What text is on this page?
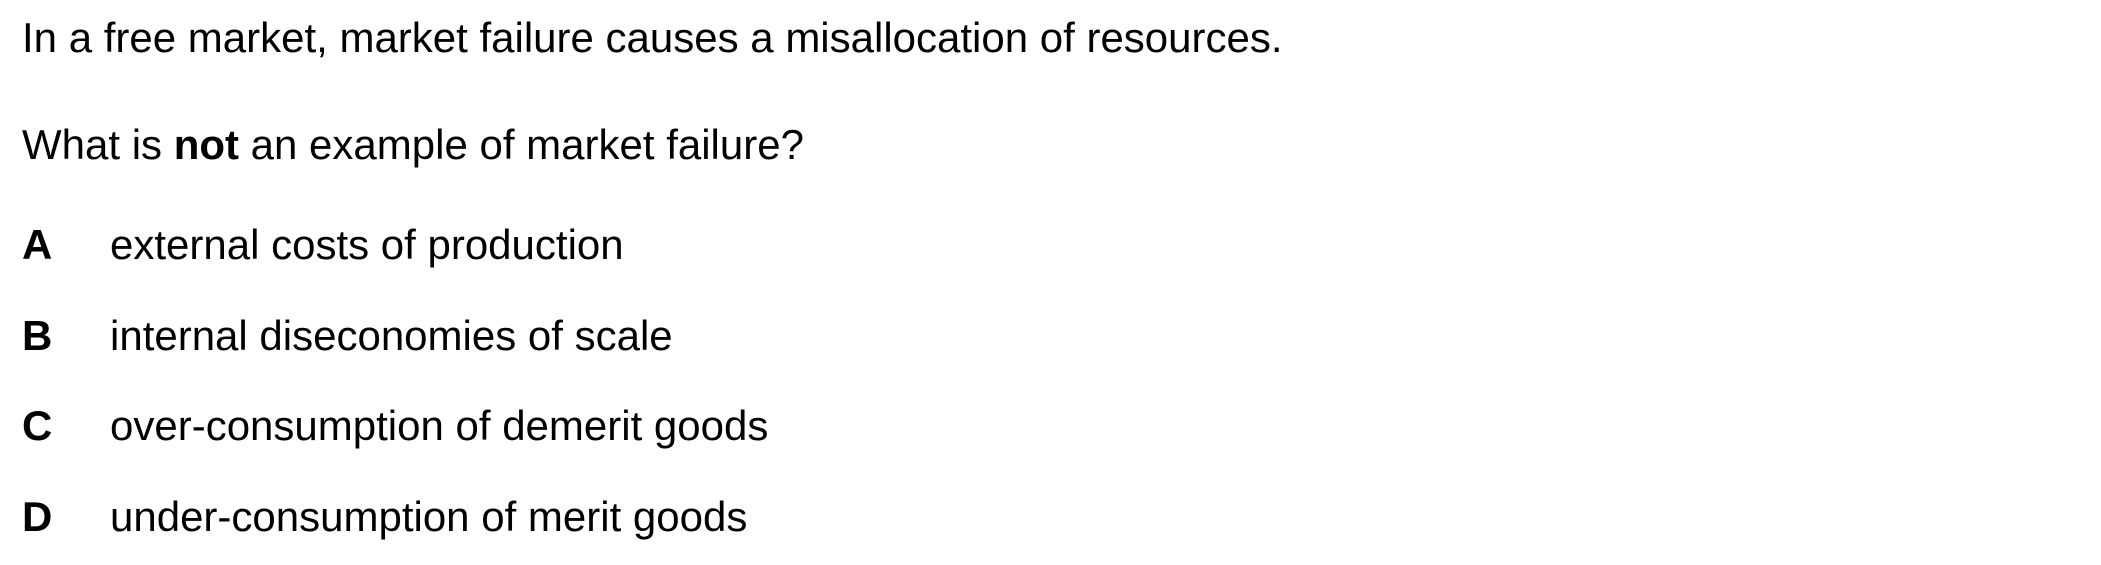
In a free market, market failure causes a misallocation of resources.
What is not an example of market failure?
A	external costs of production
B	internal diseconomies of scale
C	over-consumption of demerit goods
D	under-consumption of merit goods
